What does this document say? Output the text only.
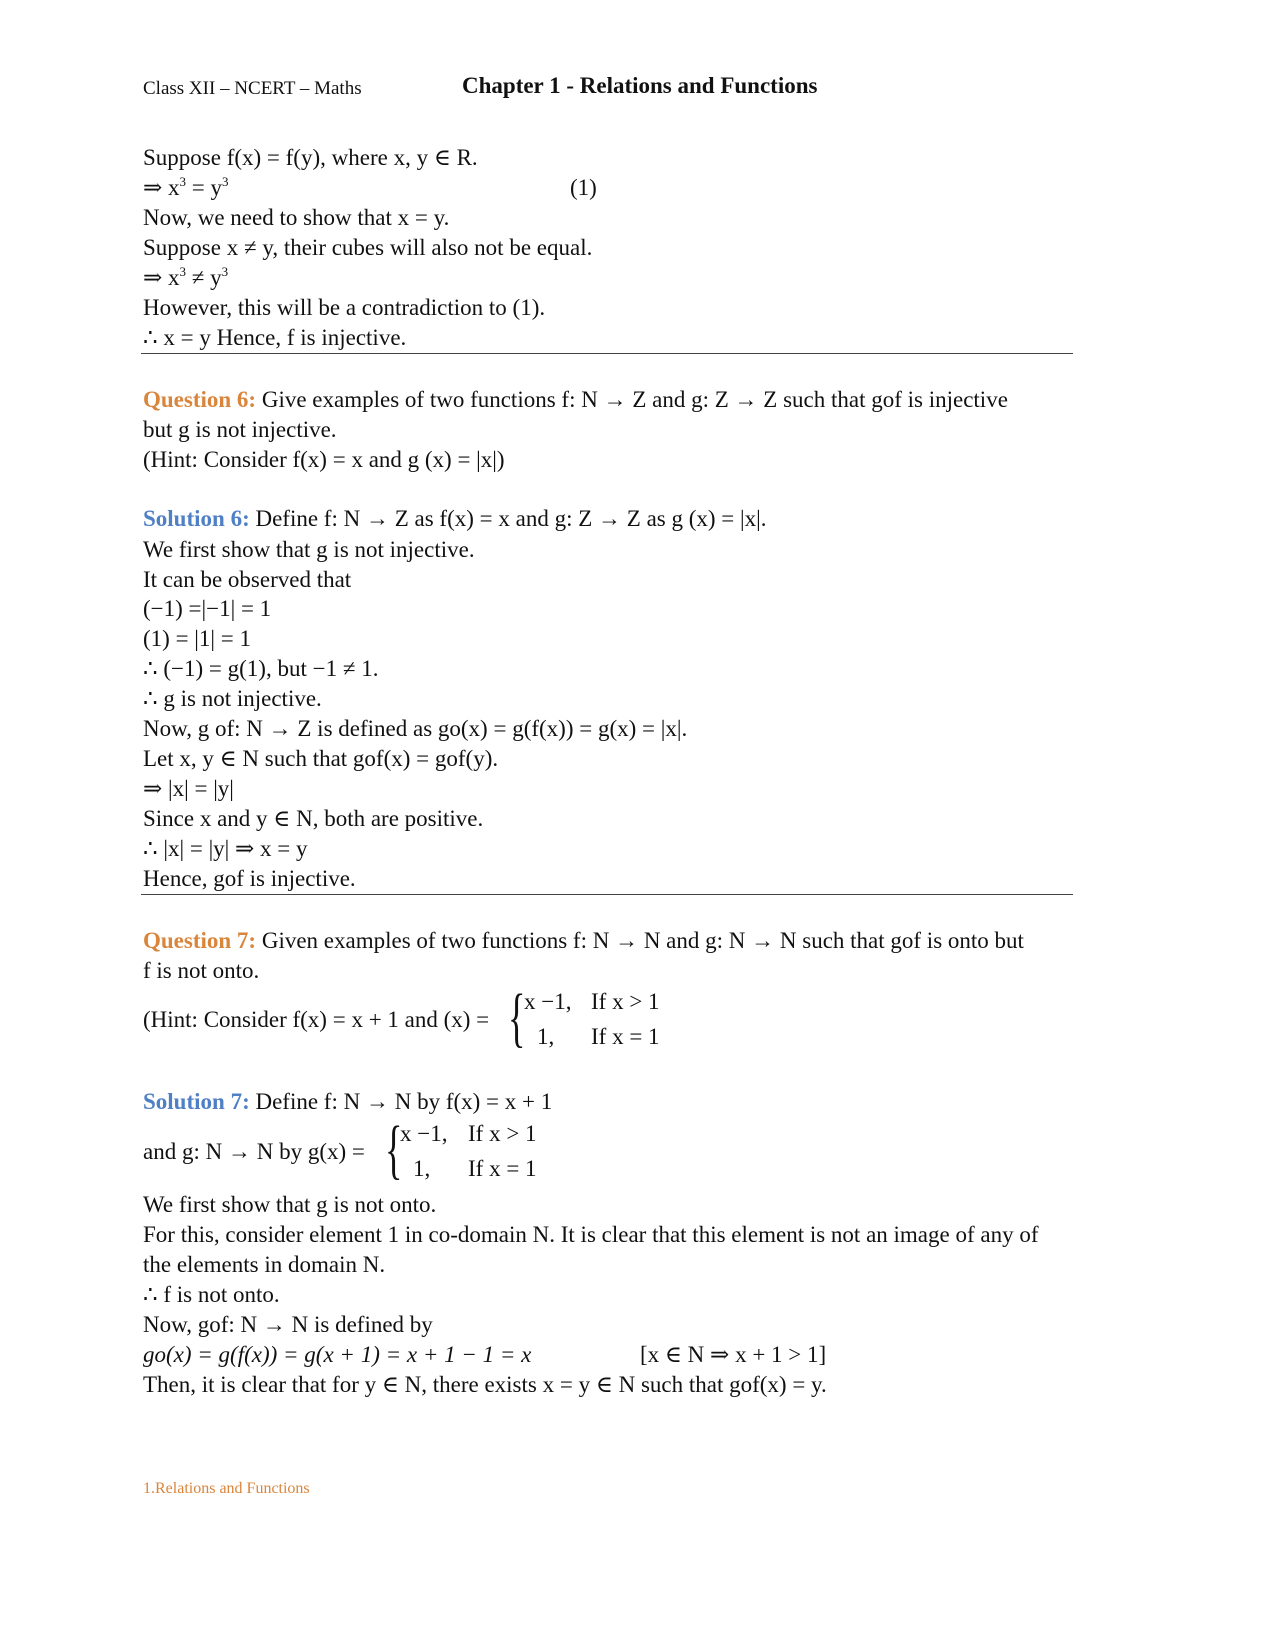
Class XII – NCERT – Maths	Chapter 1 - Relations and Functions
Suppose f(x) = f(y), where x, y ∈ R.
⇒ $x^3 = y^3$	(1)
Now, we need to show that x = y.
Suppose x ≠ y, their cubes will also not be equal.
⇒ $x^3 \ne y^3$
However, this will be a contradiction to (1).
∴ x = y Hence, f is injective.
Question 6: Give examples of two functions f: N → Z and g: Z → Z such that gof is injective
but g is not injective.
(Hint: Consider f(x) = x and g (x) = |x|)
Solution 6: Define f: N → Z as f(x) = x and g: Z → Z as g (x) = |x|.
We first show that g is not injective.
It can be observed that
(−1) =|−1| = 1
(1) = |1| = 1
∴ (−1) = g(1), but −1 ≠ 1.
∴ g is not injective.
Now, g of: N → Z is defined as go(x) = g(f(x)) = g(x) = |x|.
Let x, y ∈ N such that gof(x) = gof(y).
⇒ |x| = |y|
Since x and y ∈ N, both are positive.
∴ |x| = |y| ⇒ x = y
Hence, gof is injective.
Question 7: Given examples of two functions f: N → N and g: N → N such that gof is onto but
f is not onto.
(Hint: Consider f(x) = x + 1 and (x) = {
x −1, If x > 1
1, If x = 1
Solution 7: Define f: N → N by f(x) = x + 1
and g: N → N by g(x) = {
x −1, If x > 1
1, If x = 1
We first show that g is not onto.
For this, consider element 1 in co-domain N. It is clear that this element is not an image of any of
the elements in domain N.
∴ f is not onto.
Now, gof: N → N is defined by
go(x) = g(f(x)) = g(x + 1) = x + 1 − 1 = x	[x ∈ N ⇒ x + 1 > 1]
Then, it is clear that for y ∈ N, there exists x = y ∈ N such that gof(x) = y.
1.Relations and Functions
